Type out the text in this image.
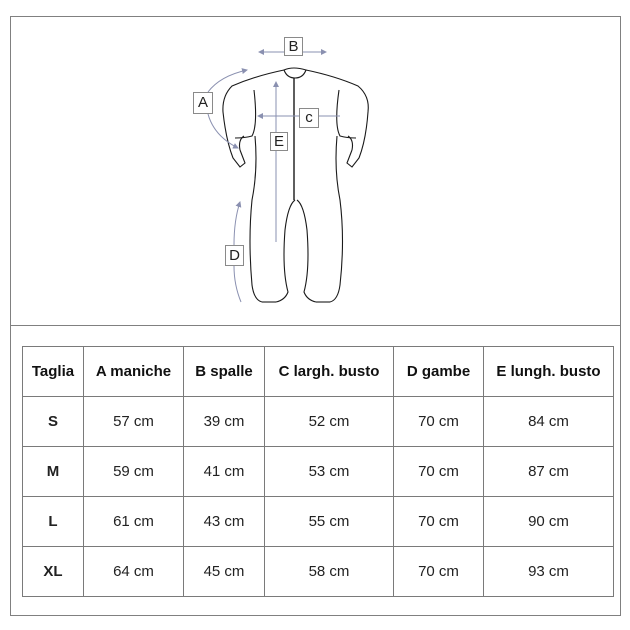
A
B
c
D
E
Taglia	A maniche	B spalle	C largh. busto	D gambe	E lungh. busto
S	57 cm	39 cm	52 cm	70 cm	84 cm
M	59 cm	41 cm	53 cm	70 cm	87 cm
L	61 cm	43 cm	55 cm	70 cm	90 cm
XL	64 cm	45 cm	58 cm	70 cm	93 cm
